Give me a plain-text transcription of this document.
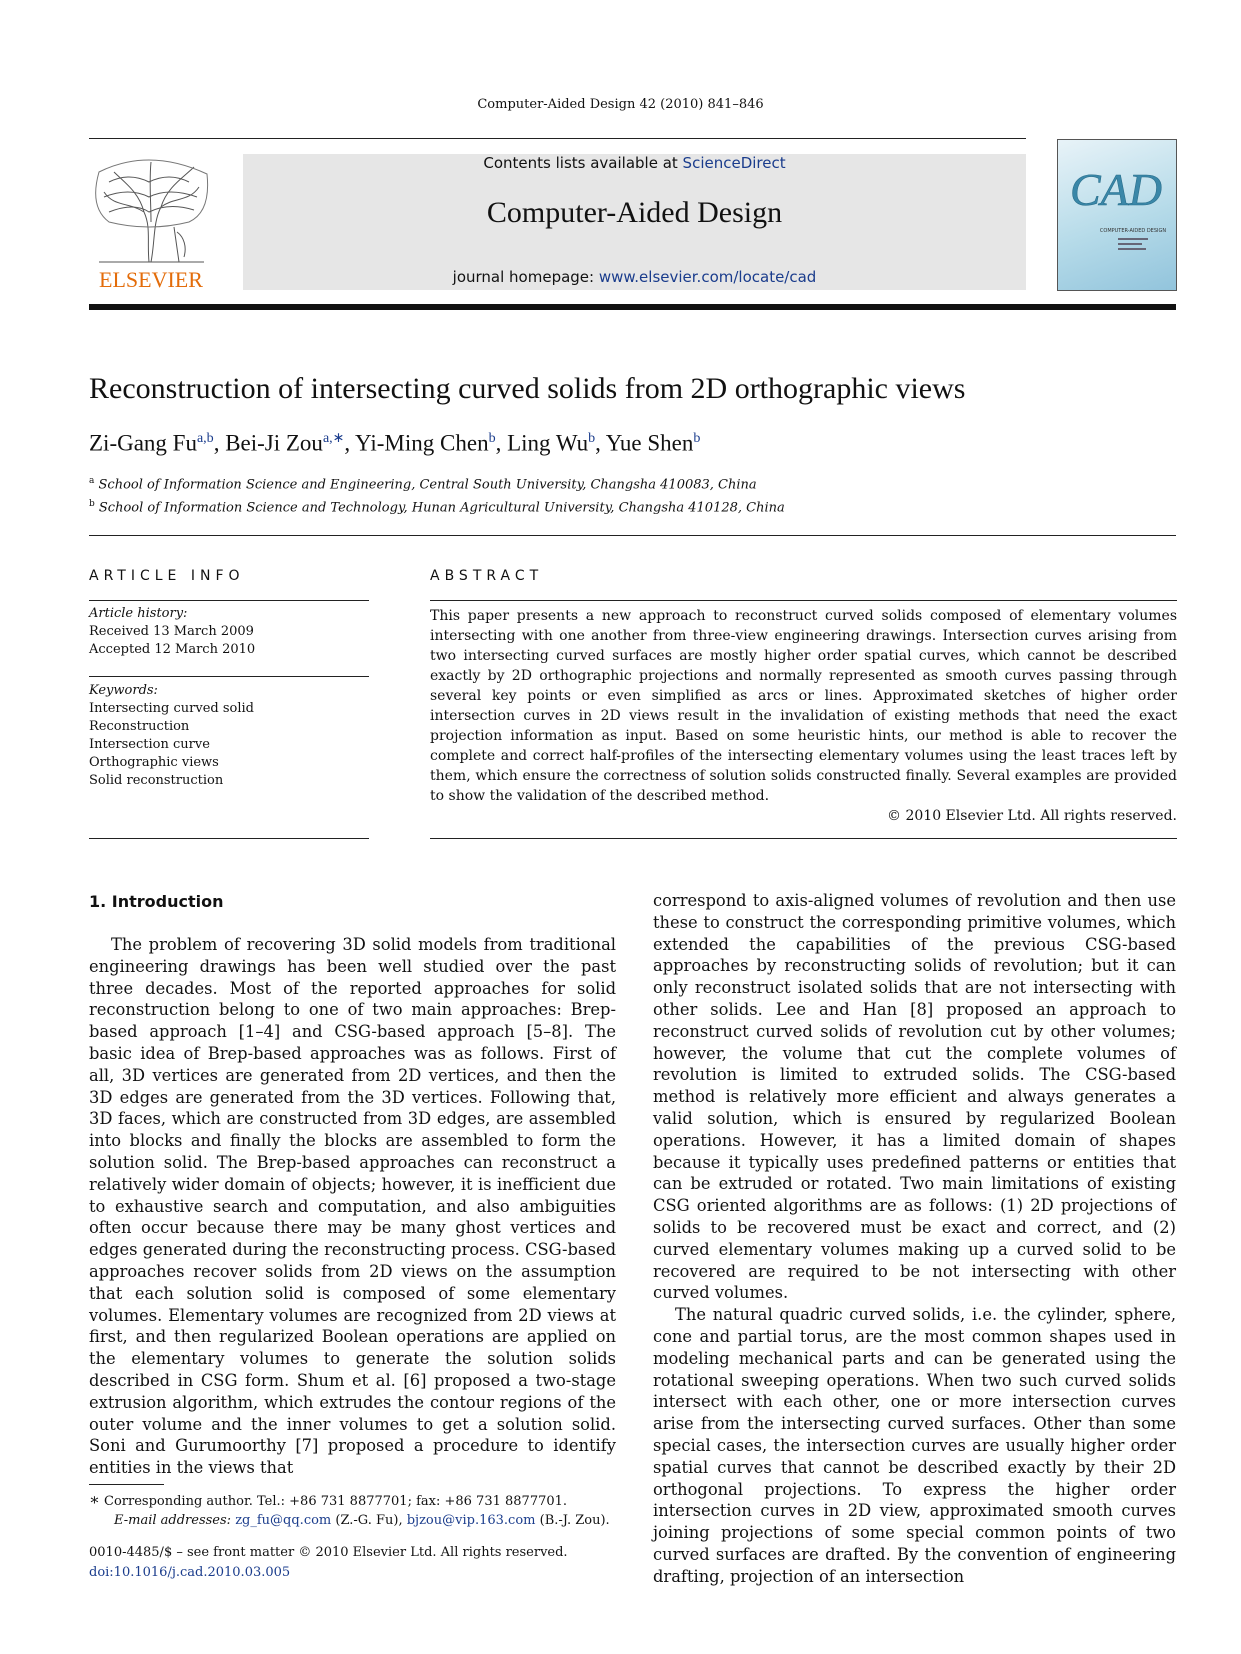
Computer-Aided Design 42 (2010) 841–846
ELSEVIER
Contents lists available at ScienceDirect
Computer-Aided Design
journal homepage: www.elsevier.com/locate/cad
CAD
COMPUTER-AIDED DESIGN
Reconstruction of intersecting curved solids from 2D orthographic views
Zi-Gang Fu$^{a,b}$, Bei-Ji Zou$^{a,∗}$, Yi-Ming Chen$^b$, Ling Wu$^b$, Yue Shen$^b$
$^a$ School of Information Science and Engineering, Central South University, Changsha 410083, China
$^b$ School of Information Science and Technology, Hunan Agricultural University, Changsha 410128, China
ARTICLE INFO
Article history:
Received 13 March 2009
Accepted 12 March 2010
Keywords:
Intersecting curved solid
Reconstruction
Intersection curve
Orthographic views
Solid reconstruction
ABSTRACT
This paper presents a new approach to reconstruct curved solids composed of elementary volumes intersecting with one another from three-view engineering drawings. Intersection curves arising from two intersecting curved surfaces are mostly higher order spatial curves, which cannot be described exactly by 2D orthographic projections and normally represented as smooth curves passing through several key points or even simplified as arcs or lines. Approximated sketches of higher order intersection curves in 2D views result in the invalidation of existing methods that need the exact projection information as input. Based on some heuristic hints, our method is able to recover the complete and correct half-profiles of the intersecting elementary volumes using the least traces left by them, which ensure the correctness of solution solids constructed finally. Several examples are provided to show the validation of the described method.
© 2010 Elsevier Ltd. All rights reserved.
1. Introduction

The problem of recovering 3D solid models from traditional engineering drawings has been well studied over the past three decades. Most of the reported approaches for solid reconstruction belong to one of two main approaches: Brep-based approach [1–4] and CSG-based approach [5–8]. The basic idea of Brep-based approaches was as follows. First of all, 3D vertices are generated from 2D vertices, and then the 3D edges are generated from the 3D vertices. Following that, 3D faces, which are constructed from 3D edges, are assembled into blocks and finally the blocks are assembled to form the solution solid. The Brep-based approaches can reconstruct a relatively wider domain of objects; however, it is inefficient due to exhaustive search and computation, and also ambiguities often occur because there may be many ghost vertices and edges generated during the reconstructing process. CSG-based approaches recover solids from 2D views on the assumption that each solution solid is composed of some elementary volumes. Elementary volumes are recognized from 2D views at first, and then regularized Boolean operations are applied on the elementary volumes to generate the solution solids described in CSG form. Shum et al. [6] proposed a two-stage extrusion algorithm, which extrudes the contour regions of the outer volume and the inner volumes to get a solution solid. Soni and Gurumoorthy [7] proposed a procedure to identify entities in the views that

correspond to axis-aligned volumes of revolution and then use these to construct the corresponding primitive volumes, which extended the capabilities of the previous CSG-based approaches by reconstructing solids of revolution; but it can only reconstruct isolated solids that are not intersecting with other solids. Lee and Han [8] proposed an approach to reconstruct curved solids of revolution cut by other volumes; however, the volume that cut the complete volumes of revolution is limited to extruded solids. The CSG-based method is relatively more efficient and always generates a valid solution, which is ensured by regularized Boolean operations. However, it has a limited domain of shapes because it typically uses predefined patterns or entities that can be extruded or rotated. Two main limitations of existing CSG oriented algorithms are as follows: (1) 2D projections of solids to be recovered must be exact and correct, and (2) curved elementary volumes making up a curved solid to be recovered are required to be not intersecting with other curved volumes.

The natural quadric curved solids, i.e. the cylinder, sphere, cone and partial torus, are the most common shapes used in modeling mechanical parts and can be generated using the rotational sweeping operations. When two such curved solids intersect with each other, one or more intersection curves arise from the intersecting curved surfaces. Other than some special cases, the intersection curves are usually higher order spatial curves that cannot be described exactly by their 2D orthogonal projections. To express the higher order intersection curves in 2D view, approximated smooth curves joining projections of some special common points of two curved surfaces are drafted. By the convention of engineering drafting, projection of an intersection

∗ Corresponding author. Tel.: +86 731 8877701; fax: +86 731 8877701.
E-mail addresses: zg_fu@qq.com (Z.-G. Fu), bjzou@vip.163.com (B.-J. Zou).
0010-4485/$ – see front matter © 2010 Elsevier Ltd. All rights reserved.
doi:10.1016/j.cad.2010.03.005
